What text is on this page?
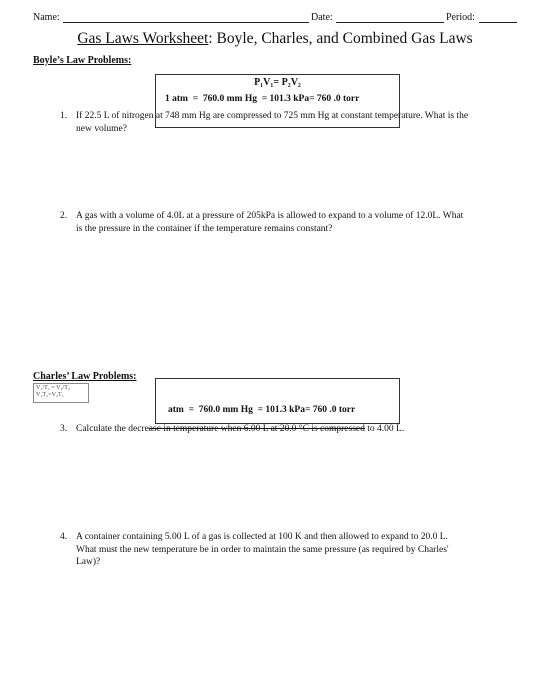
Name:	Date:	Period:
Gas Laws Worksheet: Boyle, Charles, and Combined Gas Laws
Boyle’s Law Problems:
P₁V₁= P₂V₂
1 atm  =  760.0 mm Hg  = 101.3 kPa= 760 .0 torr
1. If 22.5 L of nitrogen at 748 mm Hg are compressed to 725 mm Hg at constant temperature. What is the
new volume?
2. A gas with a volume of 4.0L at a pressure of 205kPa is allowed to expand to a volume of 12.0L. What
is the pressure in the container if the temperature remains constant?
Charles’ Law Problems:
V₁/T₁ = V₂/T₂ V₁T₂=V₂T₁
atm  =  760.0 mm Hg  = 101.3 kPa= 760 .0 torr
3. Calculate the decrease in temperature when 6.00 L at 20.0 °C is compressed to 4.00 L.
4. A container containing 5.00 L of a gas is collected at 100 K and then allowed to expand to 20.0 L.
What must the new temperature be in order to maintain the same pressure (as required by Charles'
Law)?
